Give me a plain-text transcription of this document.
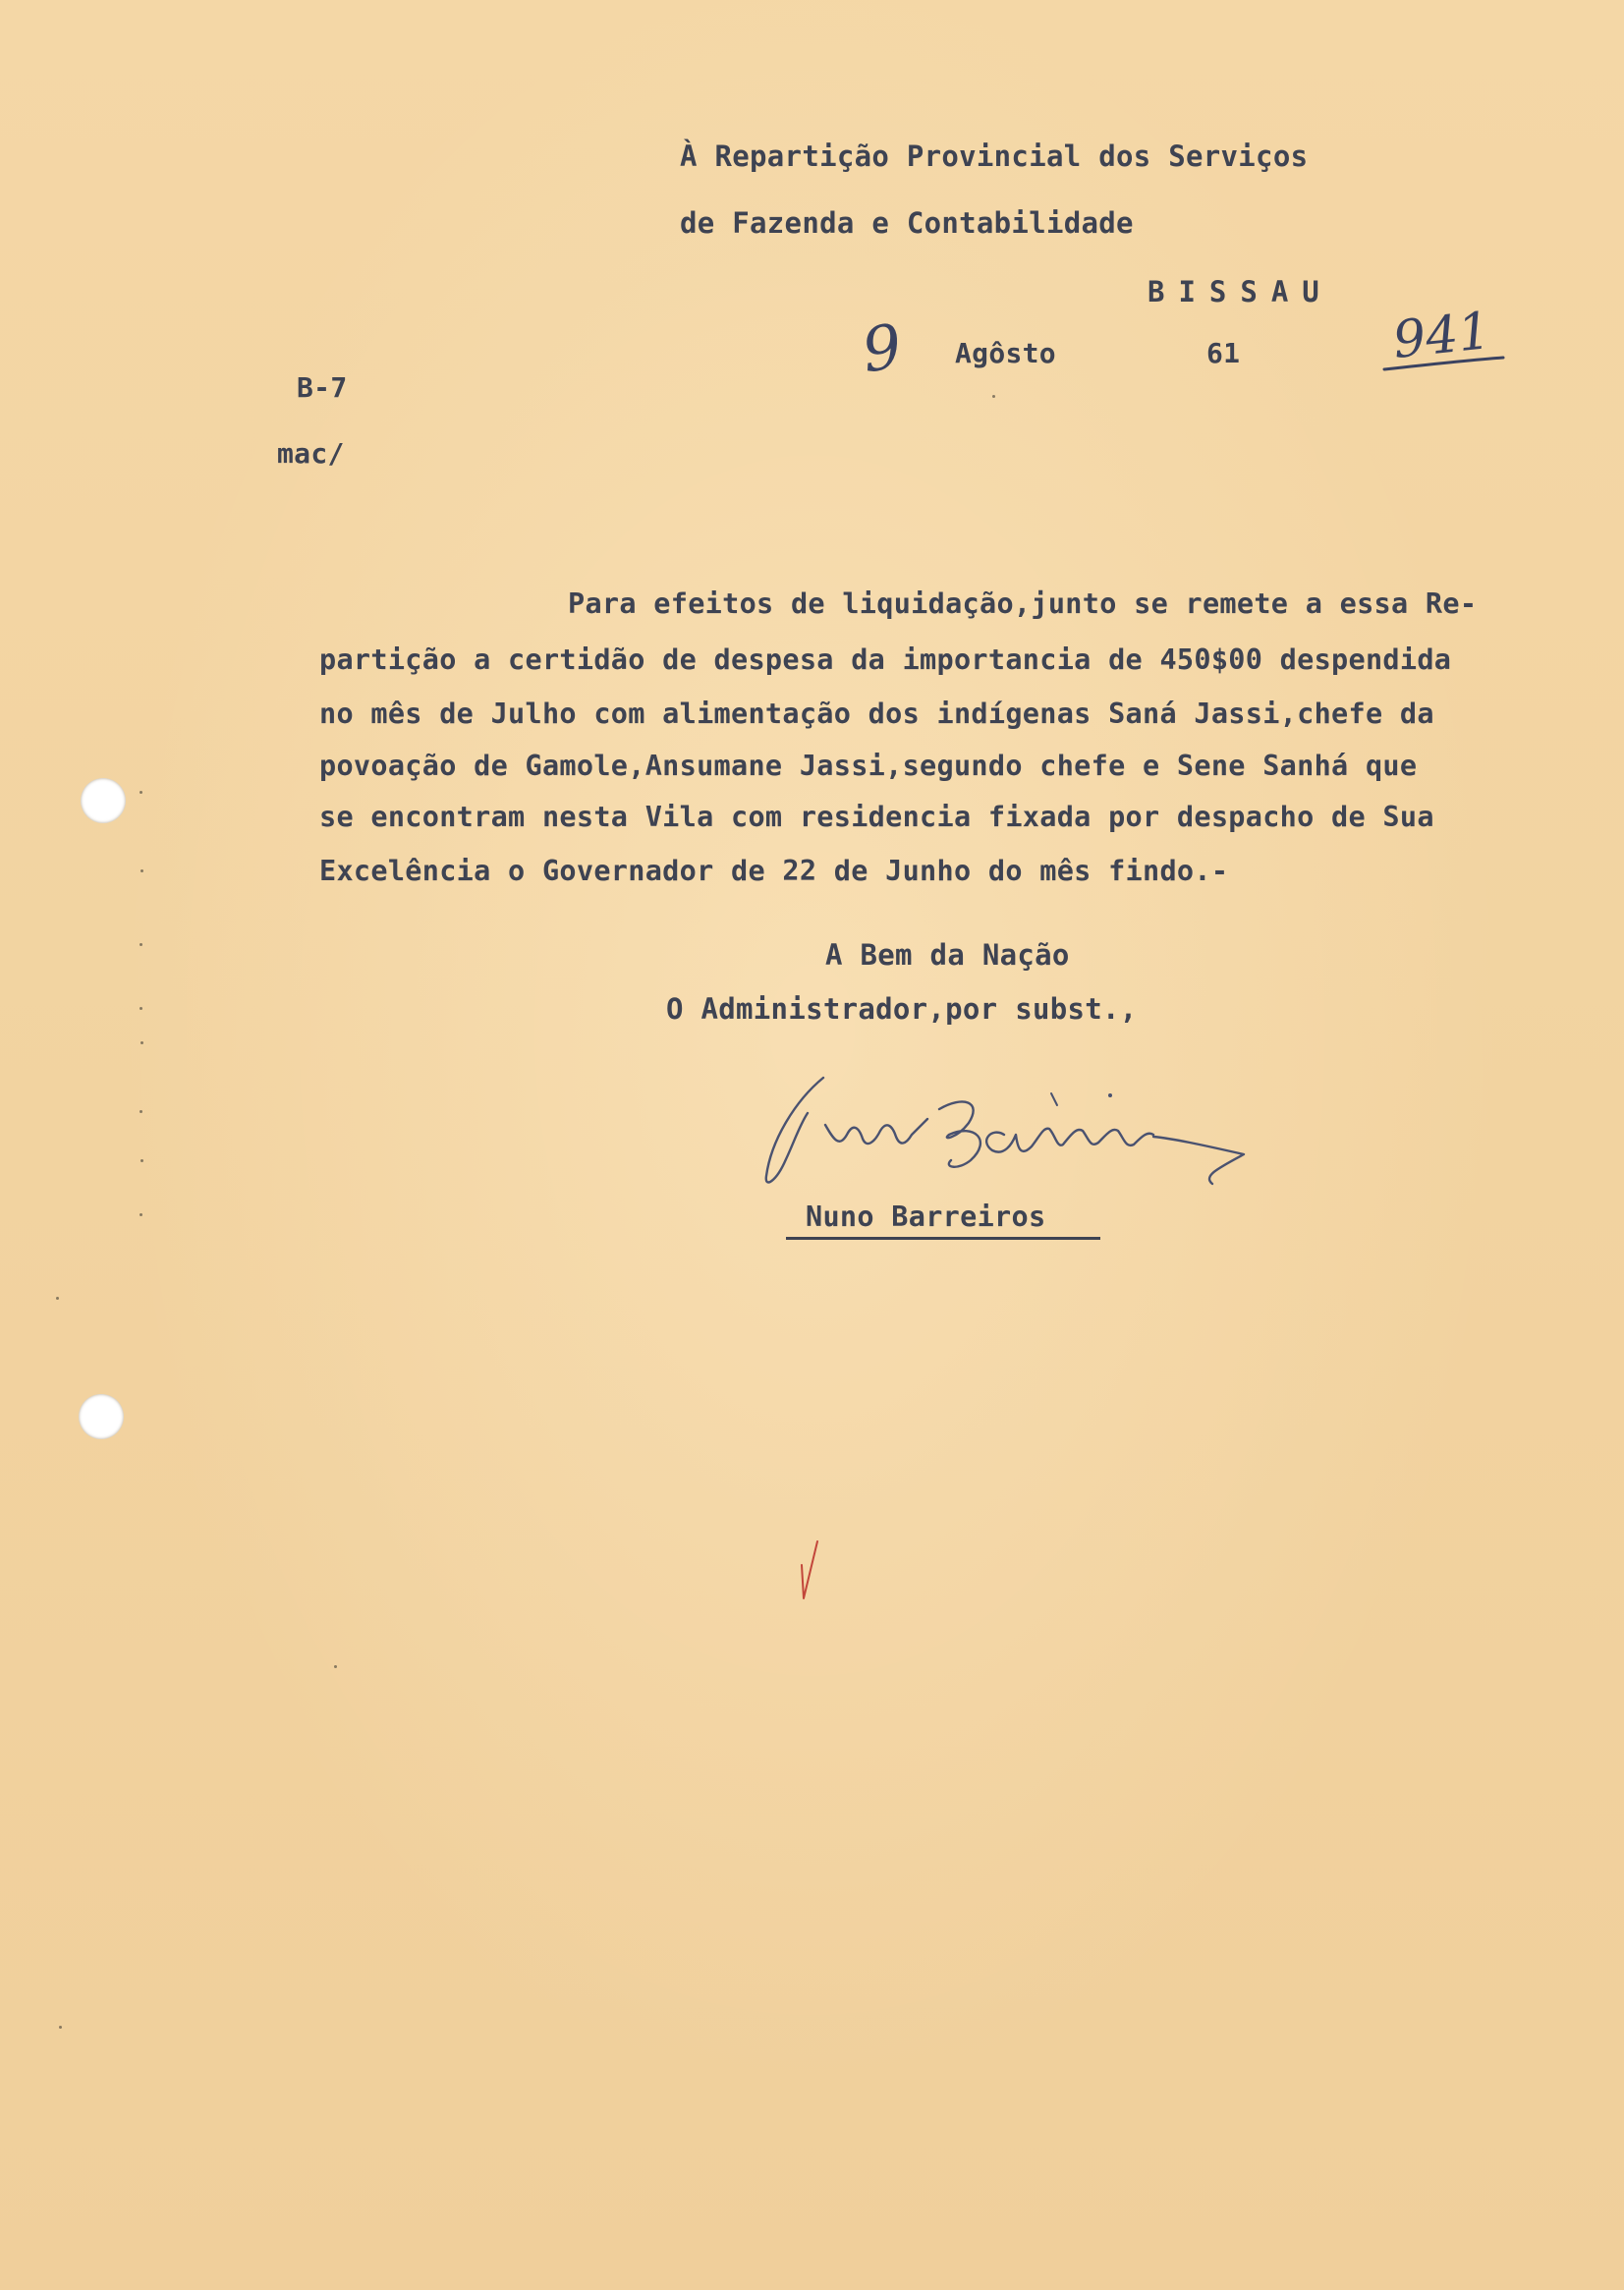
À Repartição Provincial dos Serviços
de Fazenda e Contabilidade
BISSAU
9 Agôsto	61	941
B-7
mac/
Para efeitos de liquidação,junto se remete a essa Re-
partição a certidão de despesa da importancia de 450$00 despendida
no mês de Julho com alimentação dos indígenas Saná Jassi,chefe da
povoação de Gamole,Ansumane Jassi,segundo chefe e Sene Sanhá que
se encontram nesta Vila com residencia fixada por despacho de Sua
Excelência o Governador de 22 de Junho do mês findo.-
A Bem da Nação
O Administrador,por subst.,
Nuno Barreiros
